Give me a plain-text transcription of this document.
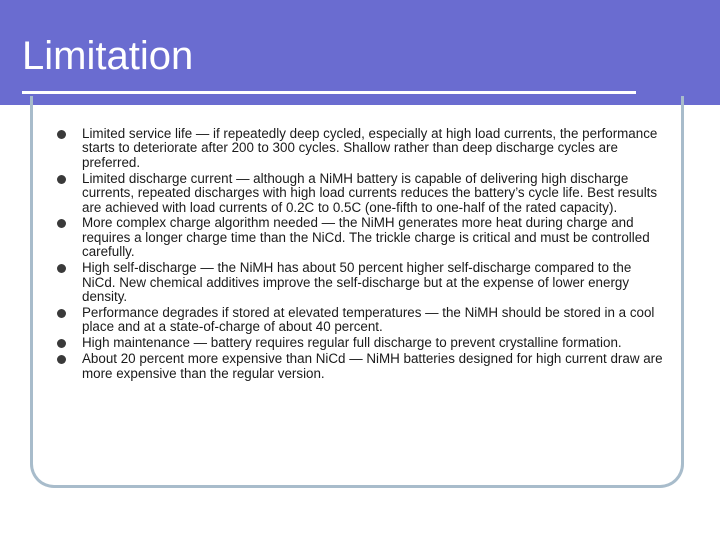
Limitation
Limited service life — if repeatedly deep cycled, especially at high load currents, the performance starts to deteriorate after 200 to 300 cycles. Shallow rather than deep discharge cycles are preferred.
Limited discharge current — although a NiMH battery is capable of delivering high discharge currents, repeated discharges with high load currents reduces the battery’s cycle life. Best results are achieved with load currents of 0.2C to 0.5C (one-fifth to one-half of the rated capacity).
More complex charge algorithm needed — the NiMH generates more heat during charge and requires a longer charge time than the NiCd. The trickle charge is critical and must be controlled carefully.
High self-discharge — the NiMH has about 50 percent higher self-discharge compared to the NiCd. New chemical additives improve the self-discharge but at the expense of lower energy density.
Performance degrades if stored at elevated temperatures — the NiMH should be stored in a cool place and at a state-of-charge of about 40 percent.
High maintenance — battery requires regular full discharge to prevent crystalline formation.
About 20 percent more expensive than NiCd — NiMH batteries designed for high current draw are more expensive than the regular version.
